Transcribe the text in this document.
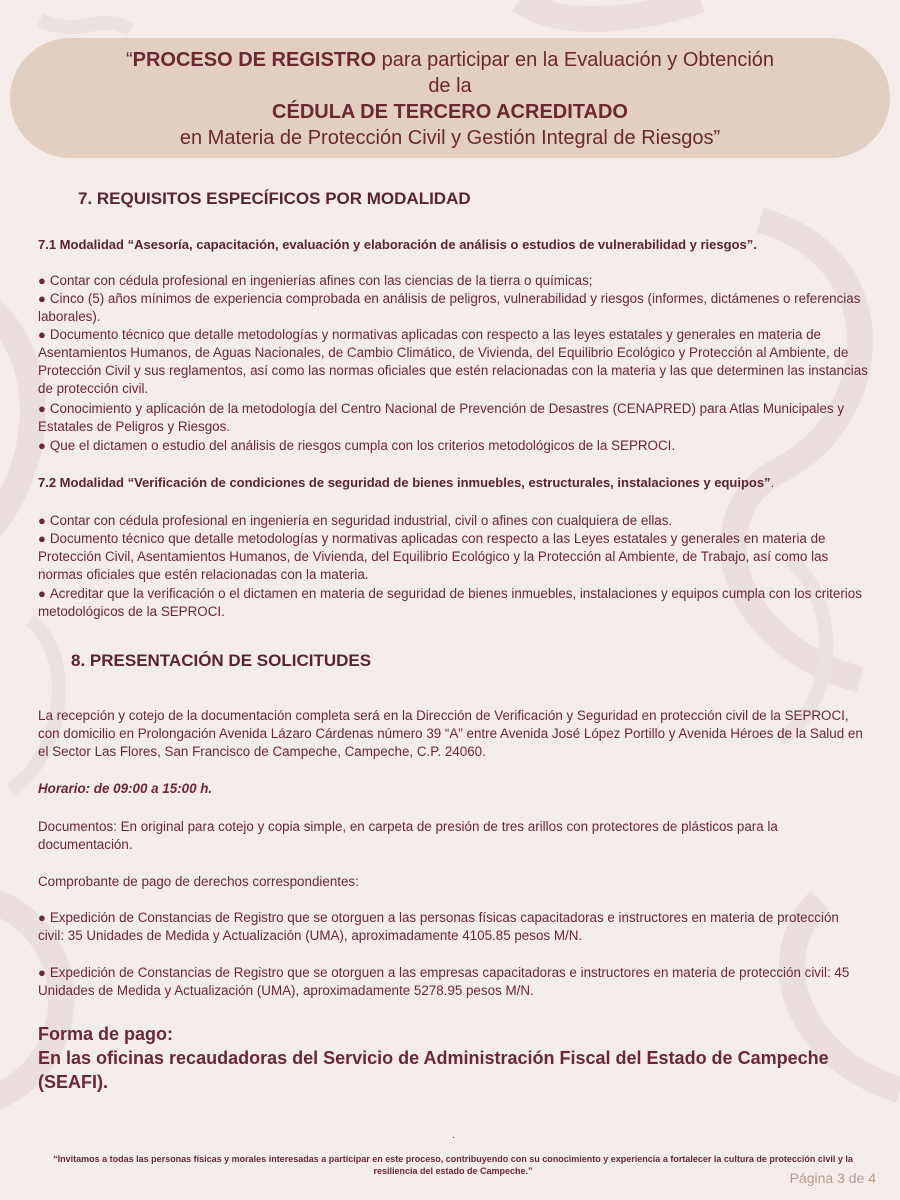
“PROCESO DE REGISTRO para participar en la Evaluación y Obtención
de la
CÉDULA DE TERCERO ACREDITADO
en Materia de Protección Civil y Gestión Integral de Riesgos”
7. REQUISITOS ESPECÍFICOS POR MODALIDAD
7.1 Modalidad “Asesoría, capacitación, evaluación y elaboración de análisis o estudios de vulnerabilidad y riesgos”.
● Contar con cédula profesional en ingenierías afines con las ciencias de la tierra o químicas;
● Cinco (5) años mínimos de experiencia comprobada en análisis de peligros, vulnerabilidad y riesgos (informes, dictámenes o referencias laborales).
● Documento técnico que detalle metodologías y normativas aplicadas con respecto a las leyes estatales y generales en materia de Asentamientos Humanos, de Aguas Nacionales, de Cambio Climático, de Vivienda, del Equilibrio Ecológico y Protección al Ambiente, de Protección Civil y sus reglamentos, así como las normas oficiales que estén relacionadas con la materia y las que determinen las instancias de protección civil.
● Conocimiento y aplicación de la metodología del Centro Nacional de Prevención de Desastres (CENAPRED) para Atlas Municipales y Estatales de Peligros y Riesgos.
● Que el dictamen o estudio del análisis de riesgos cumpla con los criterios metodológicos de la SEPROCI.
7.2 Modalidad “Verificación de condiciones de seguridad de bienes inmuebles, estructurales, instalaciones y equipos”.
● Contar con cédula profesional en ingeniería en seguridad industrial, civil o afines con cualquiera de ellas.
● Documento técnico que detalle metodologías y normativas aplicadas con respecto a las Leyes estatales y generales en materia de Protección Civil, Asentamientos Humanos, de Vivienda, del Equilibrio Ecológico y la Protección al Ambiente, de Trabajo, así como las normas oficiales que estén relacionadas con la materia.
● Acreditar que la verificación o el dictamen en materia de seguridad de bienes inmuebles, instalaciones y equipos cumpla con los criterios metodológicos de la SEPROCI.
8. PRESENTACIÓN DE SOLICITUDES
La recepción y cotejo de la documentación completa será en la Dirección de Verificación y Seguridad en protección civil de la SEPROCI, con domicilio en Prolongación Avenida Lázaro Cárdenas número 39 “A” entre Avenida José López Portillo y Avenida Héroes de la Salud en el Sector Las Flores, San Francisco de Campeche, Campeche, C.P. 24060.
Horario: de 09:00 a 15:00 h.
Documentos: En original para cotejo y copia simple, en carpeta de presión de tres arillos con protectores de plásticos para la documentación.
Comprobante de pago de derechos correspondientes:
● Expedición de Constancias de Registro que se otorguen a las personas físicas capacitadoras e instructores en materia de protección civil: 35 Unidades de Medida y Actualización (UMA), aproximadamente 4105.85 pesos M/N.
● Expedición de Constancias de Registro que se otorguen a las empresas capacitadoras e instructores en materia de protección civil: 45 Unidades de Medida y Actualización (UMA), aproximadamente 5278.95 pesos M/N.
Forma de pago:
En las oficinas recaudadoras del Servicio de Administración Fiscal del Estado de Campeche (SEAFI).
.
“Invitamos a todas las personas físicas y morales interesadas a participar en este proceso, contribuyendo con su conocimiento y experiencia a fortalecer la cultura de protección civil y la resiliencia del estado de Campeche.”	Página 3 de 4
